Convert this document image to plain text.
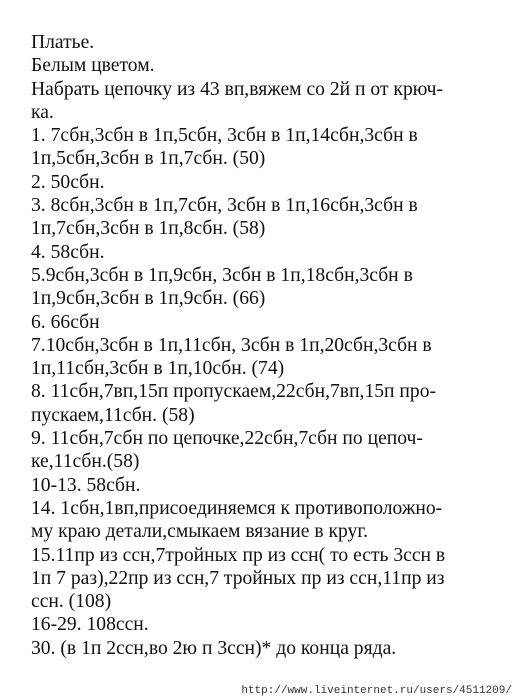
Платье.
Белым цветом.
Набрать цепочку из 43 вп,вяжем со 2й п от крюч-
ка.
1. 7сбн,3сбн в 1п,5сбн, 3сбн в 1п,14сбн,3сбн в
1п,5сбн,3сбн в 1п,7сбн. (50)
2. 50сбн.
3. 8сбн,3сбн в 1п,7сбн, 3сбн в 1п,16сбн,3сбн в
1п,7сбн,3сбн в 1п,8сбн. (58)
4. 58сбн.
5.9сбн,3сбн в 1п,9сбн, 3сбн в 1п,18сбн,3сбн в
1п,9сбн,3сбн в 1п,9сбн. (66)
6. 66сбн
7.10сбн,3сбн в 1п,11сбн, 3сбн в 1п,20сбн,3сбн в
1п,11сбн,3сбн в 1п,10сбн. (74)
8. 11сбн,7вп,15п пропускаем,22сбн,7вп,15п про-
пускаем,11сбн. (58)
9. 11сбн,7сбн по цепочке,22сбн,7сбн по цепоч-
ке,11сбн.(58)
10-13. 58сбн.
14. 1сбн,1вп,присоединяемся к противоположно-
му краю детали,смыкаем вязание в круг.
15.11пр из ссн,7тройных пр из ссн( то есть 3ссн в
1п 7 раз),22пр из ссн,7 тройных пр из ссн,11пр из
ссн. (108)
16-29. 108ссн.
30. (в 1п 2ссн,во 2ю п 3ссн)* до конца ряда.
http://www.liveinternet.ru/users/4511209/
